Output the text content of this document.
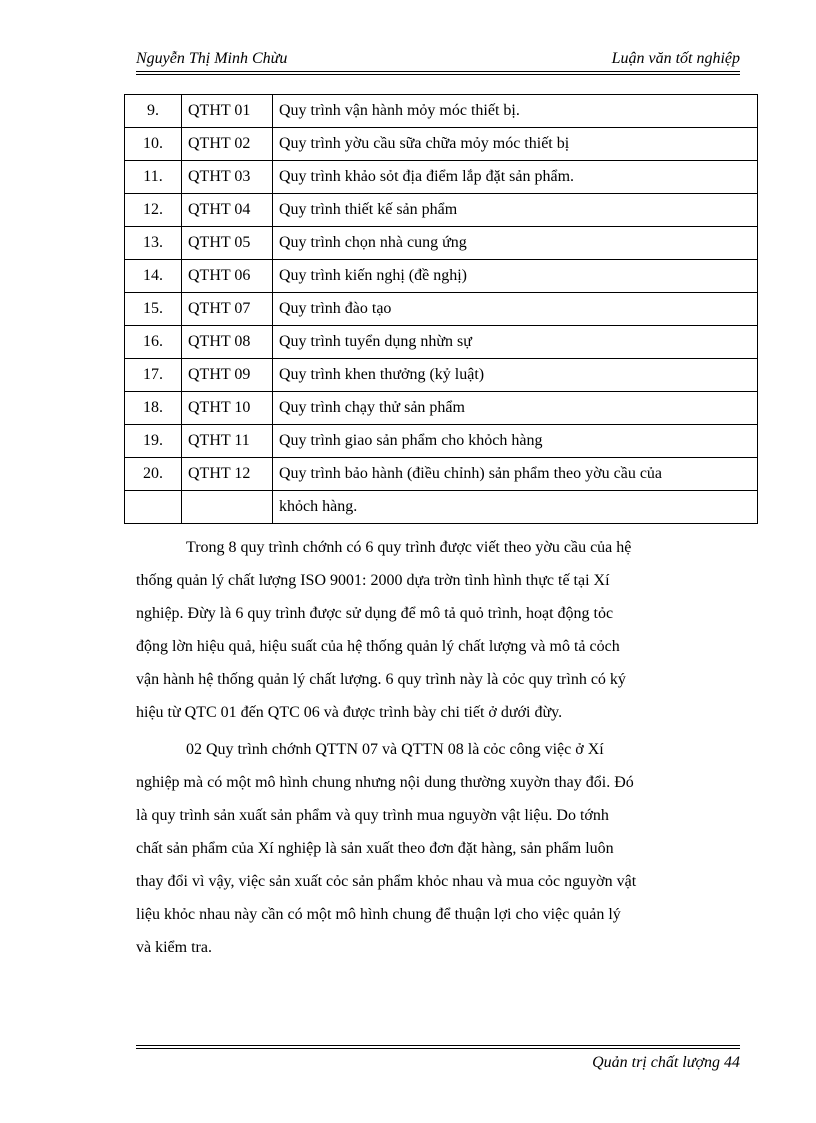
Nguyễn Thị Minh Chừu	Luận văn tốt nghiệp
9.	QTHT 01	Quy trình vận hành mỏy móc thiết bị.
10.	QTHT 02	Quy trình yờu cầu sữa chữa mỏy móc thiết bị
11.	QTHT 03	Quy trình khảo sỏt địa điểm lắp đặt sản phẩm.
12.	QTHT 04	Quy trình thiết kế sản phẩm
13.	QTHT 05	Quy trình chọn nhà cung ứng
14.	QTHT 06	Quy trình kiến nghị (đề nghị)
15.	QTHT 07	Quy trình đào tạo
16.	QTHT 08	Quy trình tuyển dụng nhừn sự
17.	QTHT 09	Quy trình khen thưởng (kỷ luật)
18.	QTHT 10	Quy trình chạy thử sản phẩm
19.	QTHT 11	Quy trình giao sản phẩm cho khỏch hàng
20.	QTHT 12	Quy trình bảo hành (điều chỉnh) sản phẩm theo yờu cầu của
		khỏch hàng.
Trong 8 quy trình chớnh có 6 quy trình được viết theo yờu cầu của hệ
thống quản lý chất lượng ISO 9001: 2000 dựa trờn tình hình thực tế tại Xí
nghiệp. Đừy là 6 quy trình được sử dụng để mô tả quỏ trình, hoạt động tỏc
động lờn hiệu quả, hiệu suất của hệ thống quản lý chất lượng và mô tả cỏch
vận hành hệ thống quản lý chất lượng. 6 quy trình này là cỏc quy trình có ký
hiệu từ QTC 01 đến QTC 06 và được trình bày chi tiết ở dưới đừy.
02 Quy trình chớnh QTTN 07 và QTTN 08 là cỏc công việc ở Xí
nghiệp mà có một mô hình chung nhưng nội dung thường xuyờn thay đổi. Đó
là quy trình sản xuất sản phẩm và quy trình mua nguyờn vật liệu. Do tớnh
chất sản phẩm của Xí nghiệp là sản xuất theo đơn đặt hàng, sản phẩm luôn
thay đổi vì vậy, việc sản xuất cỏc sản phẩm khỏc nhau và mua cỏc nguyờn vật
liệu khỏc nhau này cần có một mô hình chung để thuận lợi cho việc quản lý
và kiểm tra.
Quản trị chất lượng 44
